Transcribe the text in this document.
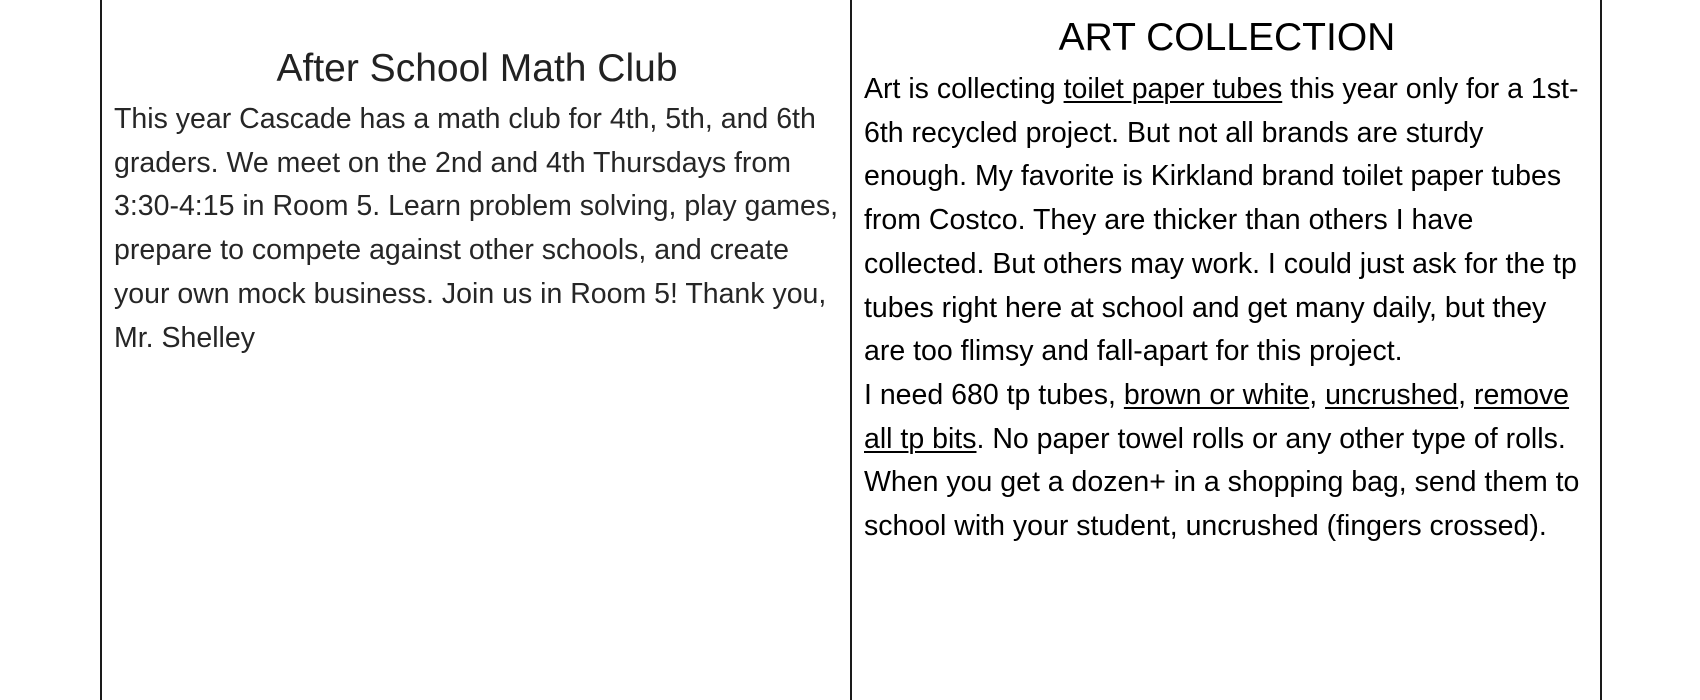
After School Math Club

This year Cascade has a math club for 4th, 5th, and 6th graders. We meet on the 2nd and 4th Thursdays from 3:30-4:15 in Room 5. Learn problem solving, play games, prepare to compete against other schools, and create your own mock business. Join us in Room 5! Thank you, Mr. Shelley

ART COLLECTION

Art is collecting toilet paper tubes this year only for a 1st-6th recycled project. But not all brands are sturdy enough. My favorite is Kirkland brand toilet paper tubes from Costco. They are thicker than others I have collected. But others may work. I could just ask for the tp tubes right here at school and get many daily, but they are too flimsy and fall-apart for this project.

I need 680 tp tubes, brown or white, uncrushed, remove all tp bits. No paper towel rolls or any other type of rolls. When you get a dozen+ in a shopping bag, send them to school with your student, uncrushed (fingers crossed).
